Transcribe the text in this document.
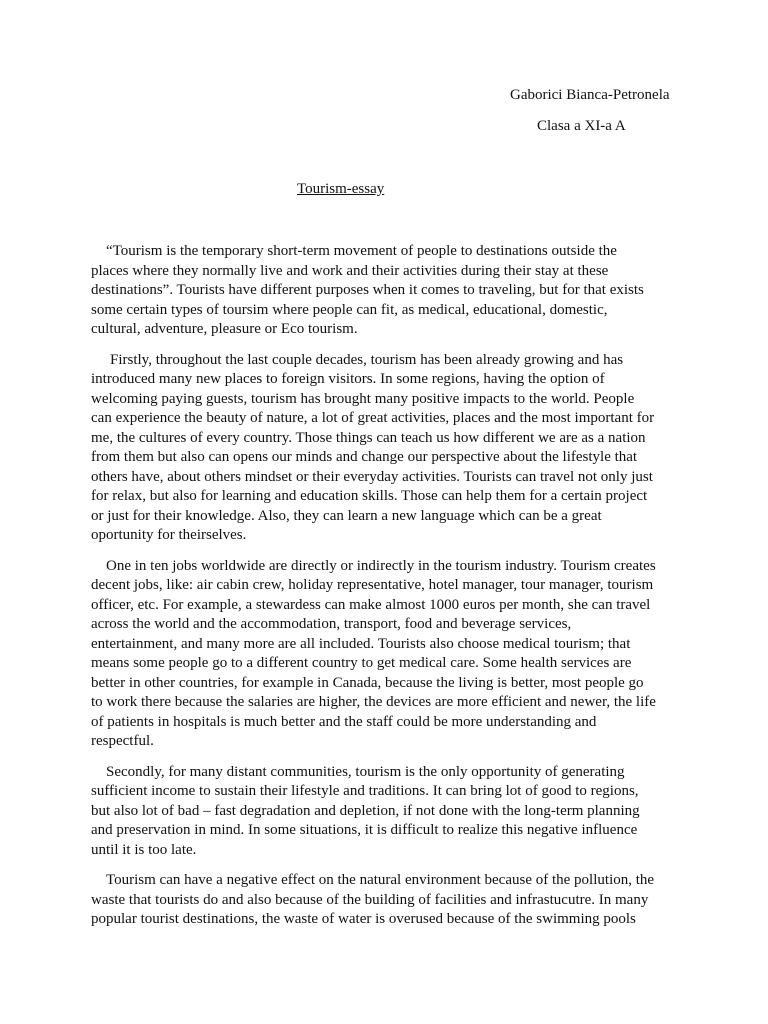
Gaborici Bianca-Petronela
Clasa a XI-a A
Tourism-essay

“Tourism is the temporary short-term movement of people to destinations outside the
places where they normally live and work and their activities during their stay at these
destinations”. Tourists have different purposes when it comes to traveling, but for that exists
some certain types of toursim where people can fit, as medical, educational, domestic,
cultural, adventure, pleasure or Eco tourism.

Firstly, throughout the last couple decades, tourism has been already growing and has
introduced many new places to foreign visitors. In some regions, having the option of
welcoming paying guests, tourism has brought many positive impacts to the world. People
can experience the beauty of nature, a lot of great activities, places and the most important for
me, the cultures of every country. Those things can teach us how different we are as a nation
from them but also can opens our minds and change our perspective about the lifestyle that
others have, about others mindset or their everyday activities. Tourists can travel not only just
for relax, but also for learning and education skills. Those can help them for a certain project
or just for their knowledge. Also, they can learn a new language which can be a great
oportunity for theirselves.

One in ten jobs worldwide are directly or indirectly in the tourism industry. Tourism creates
decent jobs, like: air cabin crew, holiday representative, hotel manager, tour manager, tourism
officer, etc. For example, a stewardess can make almost 1000 euros per month, she can travel
across the world and the accommodation, transport, food and beverage services,
entertainment, and many more are all included. Tourists also choose medical tourism; that
means some people go to a different country to get medical care. Some health services are
better in other countries, for example in Canada, because the living is better, most people go
to work there because the salaries are higher, the devices are more efficient and newer, the life
of patients in hospitals is much better and the staff could be more understanding and
respectful.

Secondly, for many distant communities, tourism is the only opportunity of generating
sufficient income to sustain their lifestyle and traditions. It can bring lot of good to regions,
but also lot of bad – fast degradation and depletion, if not done with the long-term planning
and preservation in mind. In some situations, it is difficult to realize this negative influence
until it is too late.

Tourism can have a negative effect on the natural environment because of the pollution, the
waste that tourists do and also because of the building of facilities and infrastucutre. In many
popular tourist destinations, the waste of water is overused because of the swimming pools
